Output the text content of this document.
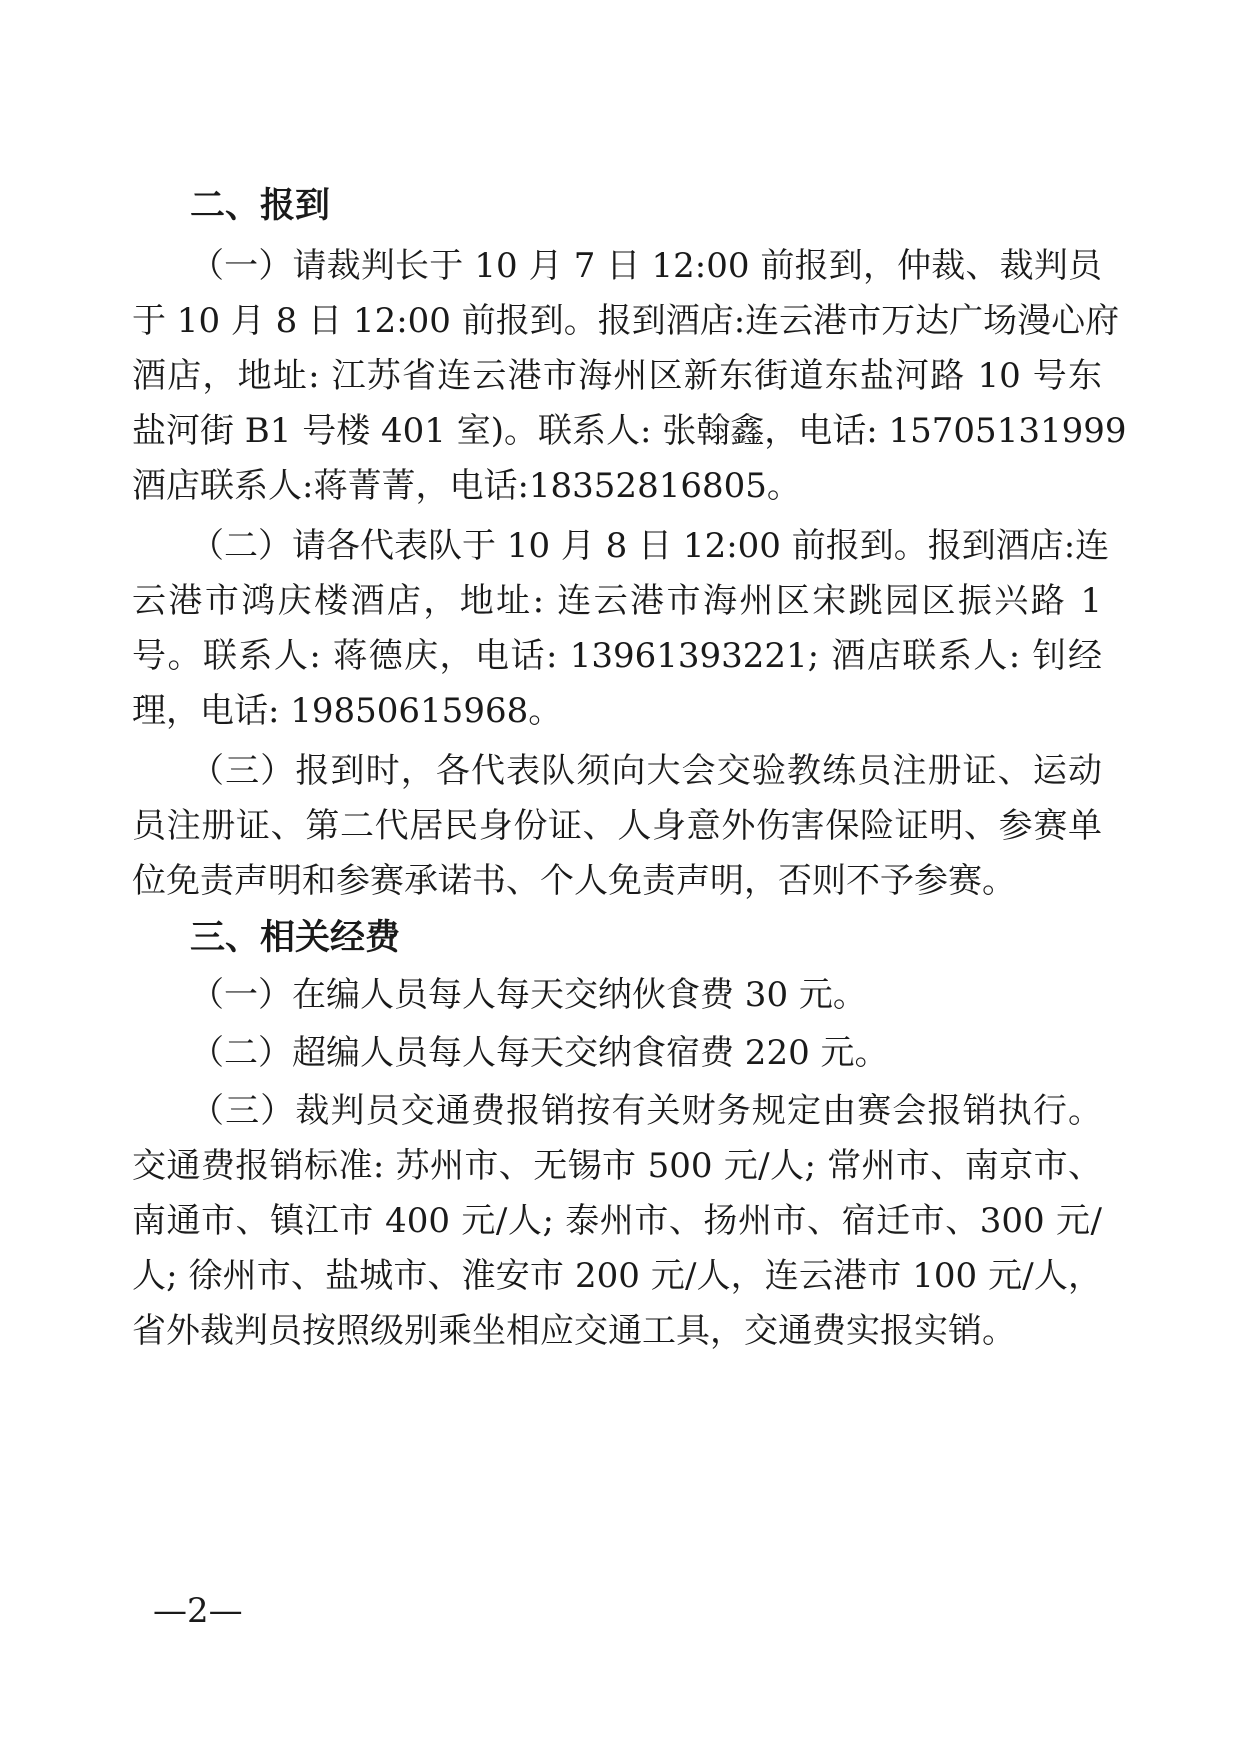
二、报到
（一）请裁判长于 10 月 7 日 12:00 前报到，仲裁、裁判员
于 10 月 8 日 12:00 前报到。报到酒店:连云港市万达广场漫心府
酒店，地址: 江苏省连云港市海州区新东街道东盐河路 10 号东
盐河街 B1 号楼 401 室)。联系人: 张翰鑫，电话: 15705131999
酒店联系人:蒋菁菁，电话:18352816805。
（二）请各代表队于 10 月 8 日 12:00 前报到。报到酒店:连
云港市鸿庆楼酒店，地址: 连云港市海州区宋跳园区振兴路 1
号。联系人: 蒋德庆，电话: 13961393221; 酒店联系人: 钊经
理，电话: 19850615968。
（三）报到时，各代表队须向大会交验教练员注册证、运动
员注册证、第二代居民身份证、人身意外伤害保险证明、参赛单
位免责声明和参赛承诺书、个人免责声明，否则不予参赛。
三、相关经费
（一）在编人员每人每天交纳伙食费 30 元。
（二）超编人员每人每天交纳食宿费 220 元。
（三）裁判员交通费报销按有关财务规定由赛会报销执行。
交通费报销标准: 苏州市、无锡市 500 元/人; 常州市、南京市、
南通市、镇江市 400 元/人; 泰州市、扬州市、宿迁市、300 元/
人; 徐州市、盐城市、淮安市 200 元/人，连云港市 100 元/人，
省外裁判员按照级别乘坐相应交通工具，交通费实报实销。
—2—
